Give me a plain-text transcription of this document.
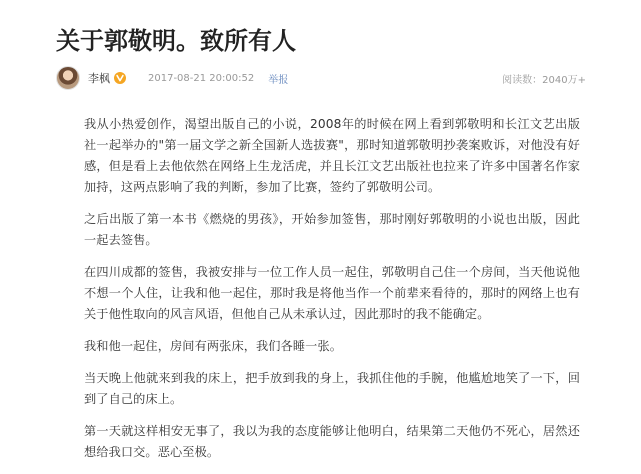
关于郭敬明。致所有人
李枫	2017-08-21 20:00:52 举报	阅读数：2040万+

我从小热爱创作，渴望出版自己的小说，2008年的时候在网上看到郭敬明和长江文艺出版社一起举办的"第一届文学之新全国新人选拔赛"，那时知道郭敬明抄袭案败诉，对他没有好感，但是看上去他依然在网络上生龙活虎，并且长江文艺出版社也拉来了许多中国著名作家加持，这两点影响了我的判断，参加了比赛，签约了郭敬明公司。

之后出版了第一本书《燃烧的男孩》，开始参加签售，那时刚好郭敬明的小说也出版，因此一起去签售。

在四川成都的签售，我被安排与一位工作人员一起住，郭敬明自己住一个房间，当天他说他不想一个人住，让我和他一起住，那时我是将他当作一个前辈来看待的，那时的网络上也有关于他性取向的风言风语，但他自己从未承认过，因此那时的我不能确定。

我和他一起住，房间有两张床，我们各睡一张。

当天晚上他就来到我的床上，把手放到我的身上，我抓住他的手腕，他尴尬地笑了一下，回到了自己的床上。

第一天就这样相安无事了，我以为我的态度能够让他明白，结果第二天他仍不死心，居然还想给我口交。恶心至极。
